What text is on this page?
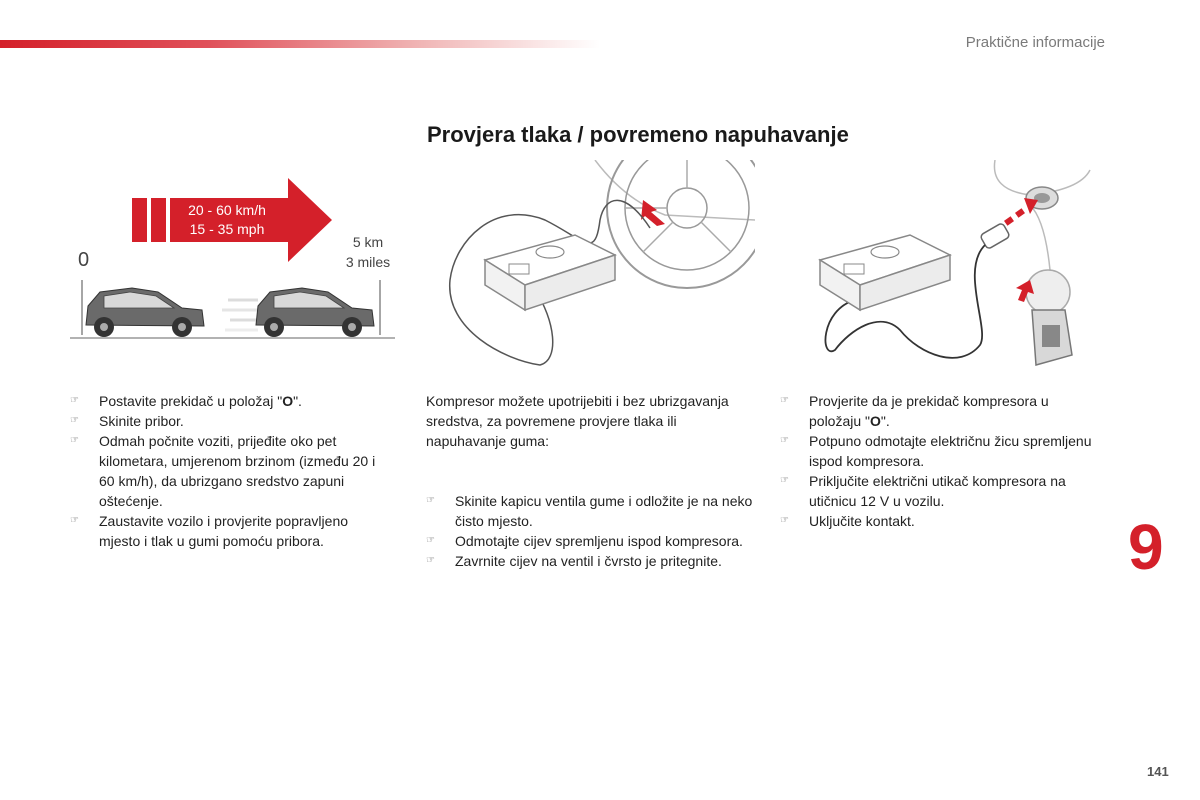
Praktične informacije
Provjera tlaka / povremeno napuhavanje
20 - 60 km/h
15 - 35 mph
0
5 km
3 miles
☞ Postavite prekidač u položaj "O".
☞ Skinite pribor.
☞ Odmah počnite voziti, prijeđite oko pet kilometara, umjerenom brzinom (između 20 i 60 km/h), da ubrizgano sredstvo zapuni oštećenje.
☞ Zaustavite vozilo i provjerite popravljeno mjesto i tlak u gumi pomoću pribora.

Kompresor možete upotrijebiti i bez ubrizgavanja sredstva, za povremene provjere tlaka ili napuhavanje guma:

☞ Skinite kapicu ventila gume i odložite je na neko čisto mjesto.
☞ Odmotajte cijev spremljenu ispod kompresora.
☞ Zavrnite cijev na ventil i čvrsto je pritegnite.
☞ Provjerite da je prekidač kompresora u položaju "O".
☞ Potpuno odmotajte električnu žicu spremljenu ispod kompresora.
☞ Priključite električni utikač kompresora na utičnicu 12 V u vozilu.
☞ Uključite kontakt.	9
141
